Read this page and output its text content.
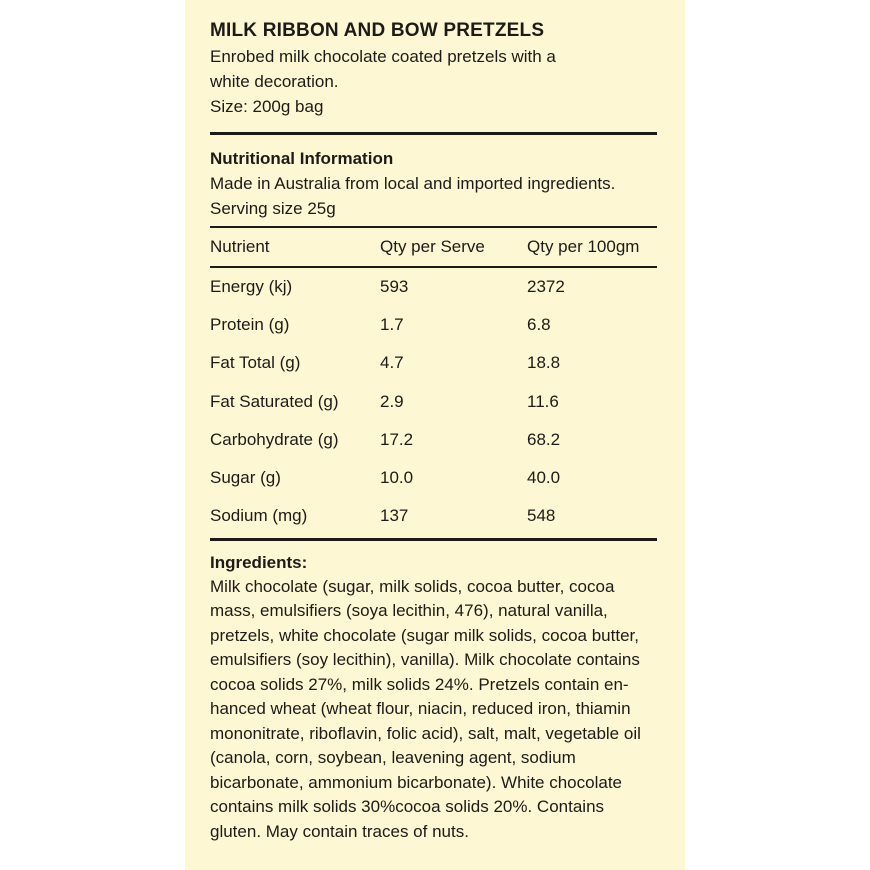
MILK RIBBON AND BOW PRETZELS

Enrobed milk chocolate coated pretzels with a

white decoration.

Size: 200g bag

Nutritional Information

Made in Australia from local and imported ingredients.

Serving size 25g

Nutrient	Qty per Serve	Qty per 100gm
Energy (kj)	593	2372
Protein (g)	1.7	6.8
Fat Total (g)	4.7	18.8
Fat Saturated (g)	2.9	11.6
Carbohydrate (g)	17.2	68.2
Sugar (g)	10.0	40.0
Sodium (mg)	137	548

Ingredients:

Milk chocolate (sugar, milk solids, cocoa butter, cocoa

mass, emulsifiers (soya lecithin, 476), natural vanilla,

pretzels, white chocolate (sugar milk solids, cocoa butter,

emulsifiers (soy lecithin), vanilla). Milk chocolate contains

cocoa solids 27%, milk solids 24%. Pretzels contain en-

hanced wheat (wheat flour, niacin, reduced iron, thiamin

mononitrate, riboflavin, folic acid), salt, malt, vegetable oil

(canola, corn, soybean, leavening agent, sodium

bicarbonate, ammonium bicarbonate). White chocolate

contains milk solids 30%cocoa solids 20%. Contains

gluten. May contain traces of nuts.
